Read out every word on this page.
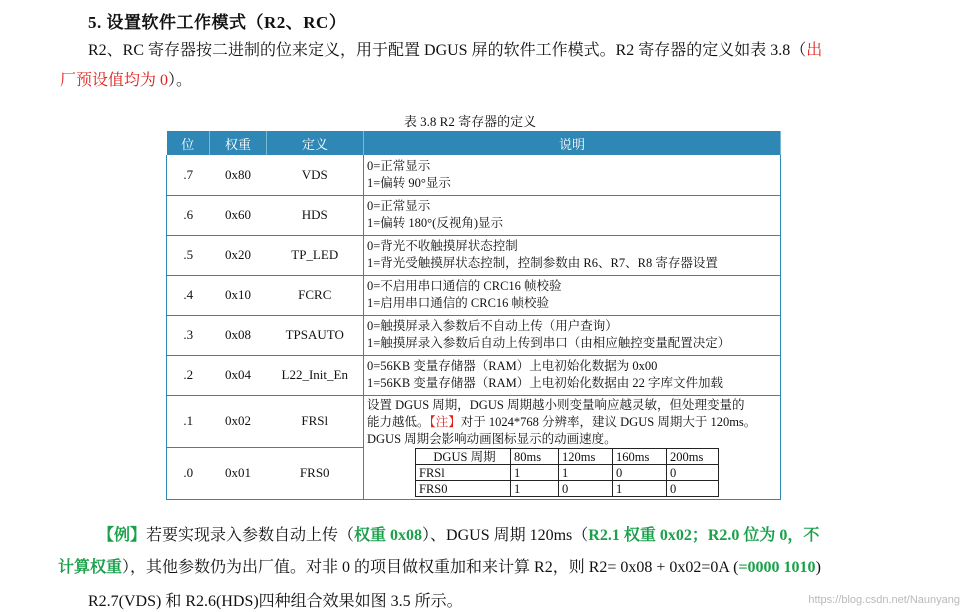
5. 设置软件工作模式（R2、RC）
R2、RC 寄存器按二进制的位来定义，用于配置 DGUS 屏的软件工作模式。R2 寄存器的定义如表 3.8（出
厂预设值均为 0）。
表 3.8 R2 寄存器的定义
位	权重	定义	说明
.7	0x80	VDS	0=正常显示
1=偏转 90°显示

.6	0x60	HDS	0=正常显示
1=偏转 180°(反视角)显示

.5	0x20	TP_LED	0=背光不收触摸屏状态控制
1=背光受触摸屏状态控制，控制参数由 R6、R7、R8 寄存器设置

.4	0x10	FCRC	0=不启用串口通信的 CRC16 帧校验
1=启用串口通信的 CRC16 帧校验

.3	0x08	TPSAUTO	0=触摸屏录入参数后不自动上传（用户查询）
1=触摸屏录入参数后自动上传到串口（由相应触控变量配置决定）

.2	0x04	L22_Init_En	0=56KB 变量存储器（RAM）上电初始化数据为 0x00
1=56KB 变量存储器（RAM）上电初始化数据由 22 字库文件加载

.1	0x02	FRSl	设置 DGUS 周期，DGUS 周期越小则变量响应越灵敏，但处理变量的
能力越低。【注】对于 1024*768 分辨率，建议 DGUS 周期大于 120ms。
DGUS 周期会影响动画图标显示的动画速度。

.0	0x01	FRS0	
DGUS 周期	80ms	120ms	160ms	200ms
FRSl	1	1	0	0
FRS0	1	0	1	0
【例】若要实现录入参数自动上传（权重 0x08）、DGUS 周期 120ms（R2.1 权重 0x02；R2.0 位为 0，不
计算权重），其他参数仍为出厂值。对非 0 的项目做权重加和来计算 R2，则 R2= 0x08 + 0x02=0A (=0000 1010)
R2.7(VDS) 和 R2.6(HDS)四种组合效果如图 3.5 所示。	https://blog.csdn.net/Naunyang
